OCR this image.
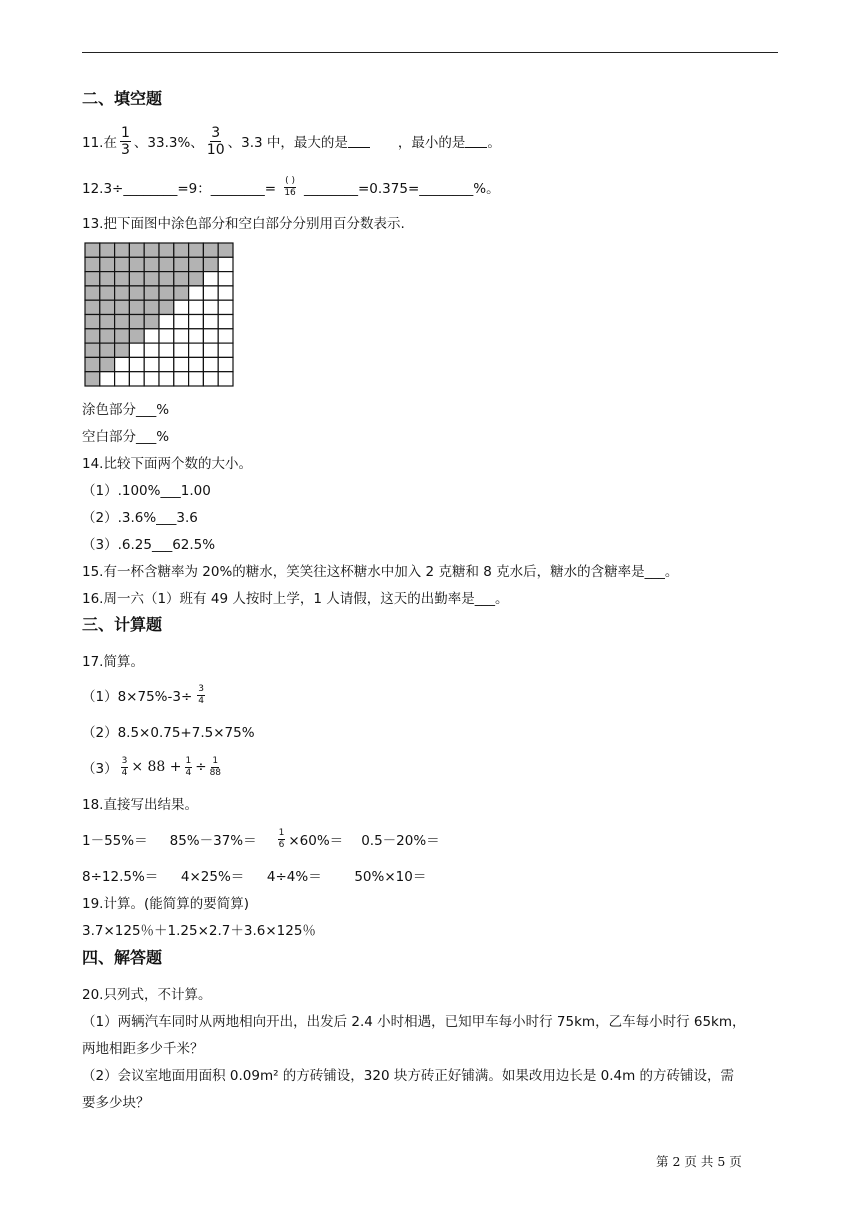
二、填空题
11.在 $\frac{1}{3}$ 、33.3%、 $\frac{3}{10}$ 、3.3 中，最大的是	，最小的是 。
12.3÷________=9：________= $\frac{( )}{16}$ ________=0.375=________%。
13.把下面图中涂色部分和空白部分分别用百分数表示.
涂色部分___%
空白部分___%
14.比较下面两个数的大小。
（1）.100%___1.00
（2）.3.6%___3.6
（3）.6.25___62.5%
15.有一杯含糖率为 20%的糖水，笑笑往这杯糖水中加入 2 克糖和 8 克水后，糖水的含糖率是___。
16.周一六（1）班有 49 人按时上学，1 人请假，这天的出勤率是___。
三、计算题
17.简算。
$(1)8\times 75\%-3\div \frac{3}{4}$
（2）8.5×0.75+7.5×75%
$(3) \frac{3}{4} \times 88 + \frac{1}{4} \div \frac{1}{88}$
18.直接写出结果。
$1-55\%= 85\%-37\%= \frac{1}{6} \times 60\%= 0.5-20\%=$
8÷12.5%＝ 4×25%＝ 4÷4%＝ 50%×10＝
19.计算。(能简算的要简算)
3.7×125％＋1.25×2.7＋3.6×125％
四、解答题
20.只列式，不计算。
（1）两辆汽车同时从两地相向开出，出发后 2.4 小时相遇，已知甲车每小时行 75km，乙车每小时行 65km，
两地相距多少千米？
（2）会议室地面用面积 0.09m² 的方砖铺设，320 块方砖正好铺满。如果改用边长是 0.4m 的方砖铺设，需
要多少块？
第 2 页 共 5 页
